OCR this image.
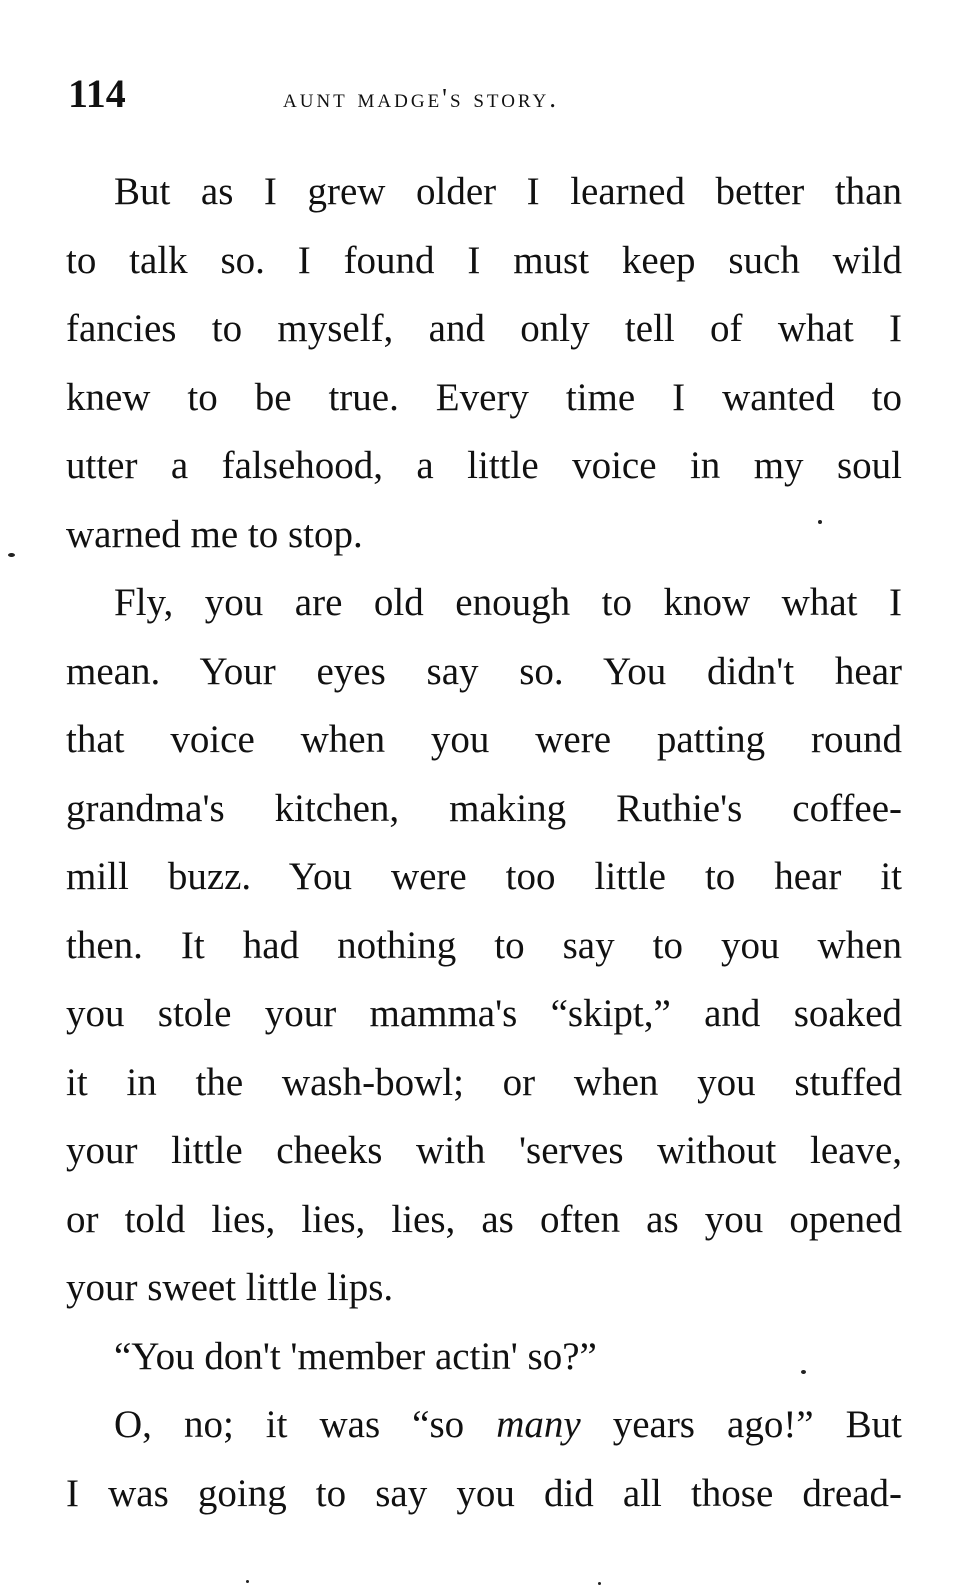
114	aunt madge's story.
But as I grew older I learned better than
to talk so. I found I must keep such wild
fancies to myself, and only tell of what I
knew to be true. Every time I wanted to
utter a falsehood, a little voice in my soul
warned me to stop.
Fly, you are old enough to know what I
mean. Your eyes say so. You didn't hear
that voice when you were patting round
grandma's kitchen, making Ruthie's coffee-
mill buzz. You were too little to hear it
then. It had nothing to say to you when
you stole your mamma's “skipt,” and soaked
it in the wash-bowl; or when you stuffed
your little cheeks with 'serves without leave,
or told lies, lies, lies, as often as you opened
your sweet little lips.
“You don't 'member actin' so?”
O, no; it was “so many years ago!” But
I was going to say you did all those dread-
